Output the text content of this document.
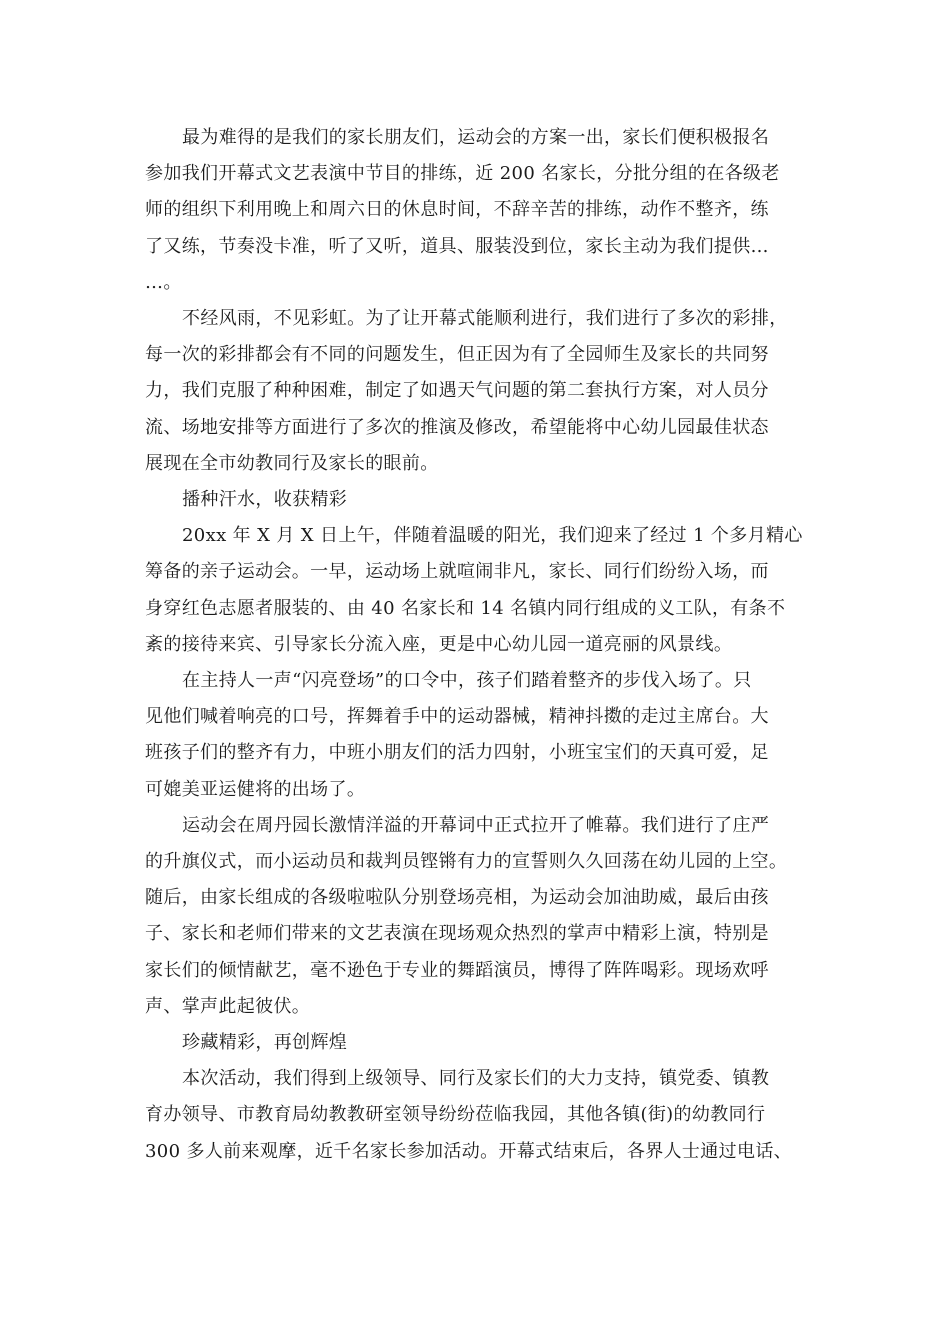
最为难得的是我们的家长朋友们，运动会的方案一出，家长们便积极报名
参加我们开幕式文艺表演中节目的排练，近 200 名家长，分批分组的在各级老
师的组织下利用晚上和周六日的休息时间，不辞辛苦的排练，动作不整齐，练
了又练，节奏没卡准，听了又听，道具、服装没到位，家长主动为我们提供…
…。
不经风雨，不见彩虹。为了让开幕式能顺利进行，我们进行了多次的彩排，
每一次的彩排都会有不同的问题发生，但正因为有了全园师生及家长的共同努
力，我们克服了种种困难，制定了如遇天气问题的第二套执行方案，对人员分
流、场地安排等方面进行了多次的推演及修改，希望能将中心幼儿园最佳状态
展现在全市幼教同行及家长的眼前。
播种汗水，收获精彩
20xx 年 X 月 X 日上午，伴随着温暖的阳光，我们迎来了经过 1 个多月精心
筹备的亲子运动会。一早，运动场上就喧闹非凡，家长、同行们纷纷入场，而
身穿红色志愿者服装的、由 40 名家长和 14 名镇内同行组成的义工队，有条不
紊的接待来宾、引导家长分流入座，更是中心幼儿园一道亮丽的风景线。
在主持人一声“闪亮登场”的口令中，孩子们踏着整齐的步伐入场了。只
见他们喊着响亮的口号，挥舞着手中的运动器械，精神抖擞的走过主席台。大
班孩子们的整齐有力，中班小朋友们的活力四射，小班宝宝们的天真可爱，足
可媲美亚运健将的出场了。
运动会在周丹园长激情洋溢的开幕词中正式拉开了帷幕。我们进行了庄严
的升旗仪式，而小运动员和裁判员铿锵有力的宣誓则久久回荡在幼儿园的上空。
随后，由家长组成的各级啦啦队分别登场亮相，为运动会加油助威，最后由孩
子、家长和老师们带来的文艺表演在现场观众热烈的掌声中精彩上演，特别是
家长们的倾情献艺，毫不逊色于专业的舞蹈演员，博得了阵阵喝彩。现场欢呼
声、掌声此起彼伏。
珍藏精彩，再创辉煌
本次活动，我们得到上级领导、同行及家长们的大力支持，镇党委、镇教
育办领导、市教育局幼教教研室领导纷纷莅临我园，其他各镇(街)的幼教同行
300 多人前来观摩，近千名家长参加活动。开幕式结束后，各界人士通过电话、
